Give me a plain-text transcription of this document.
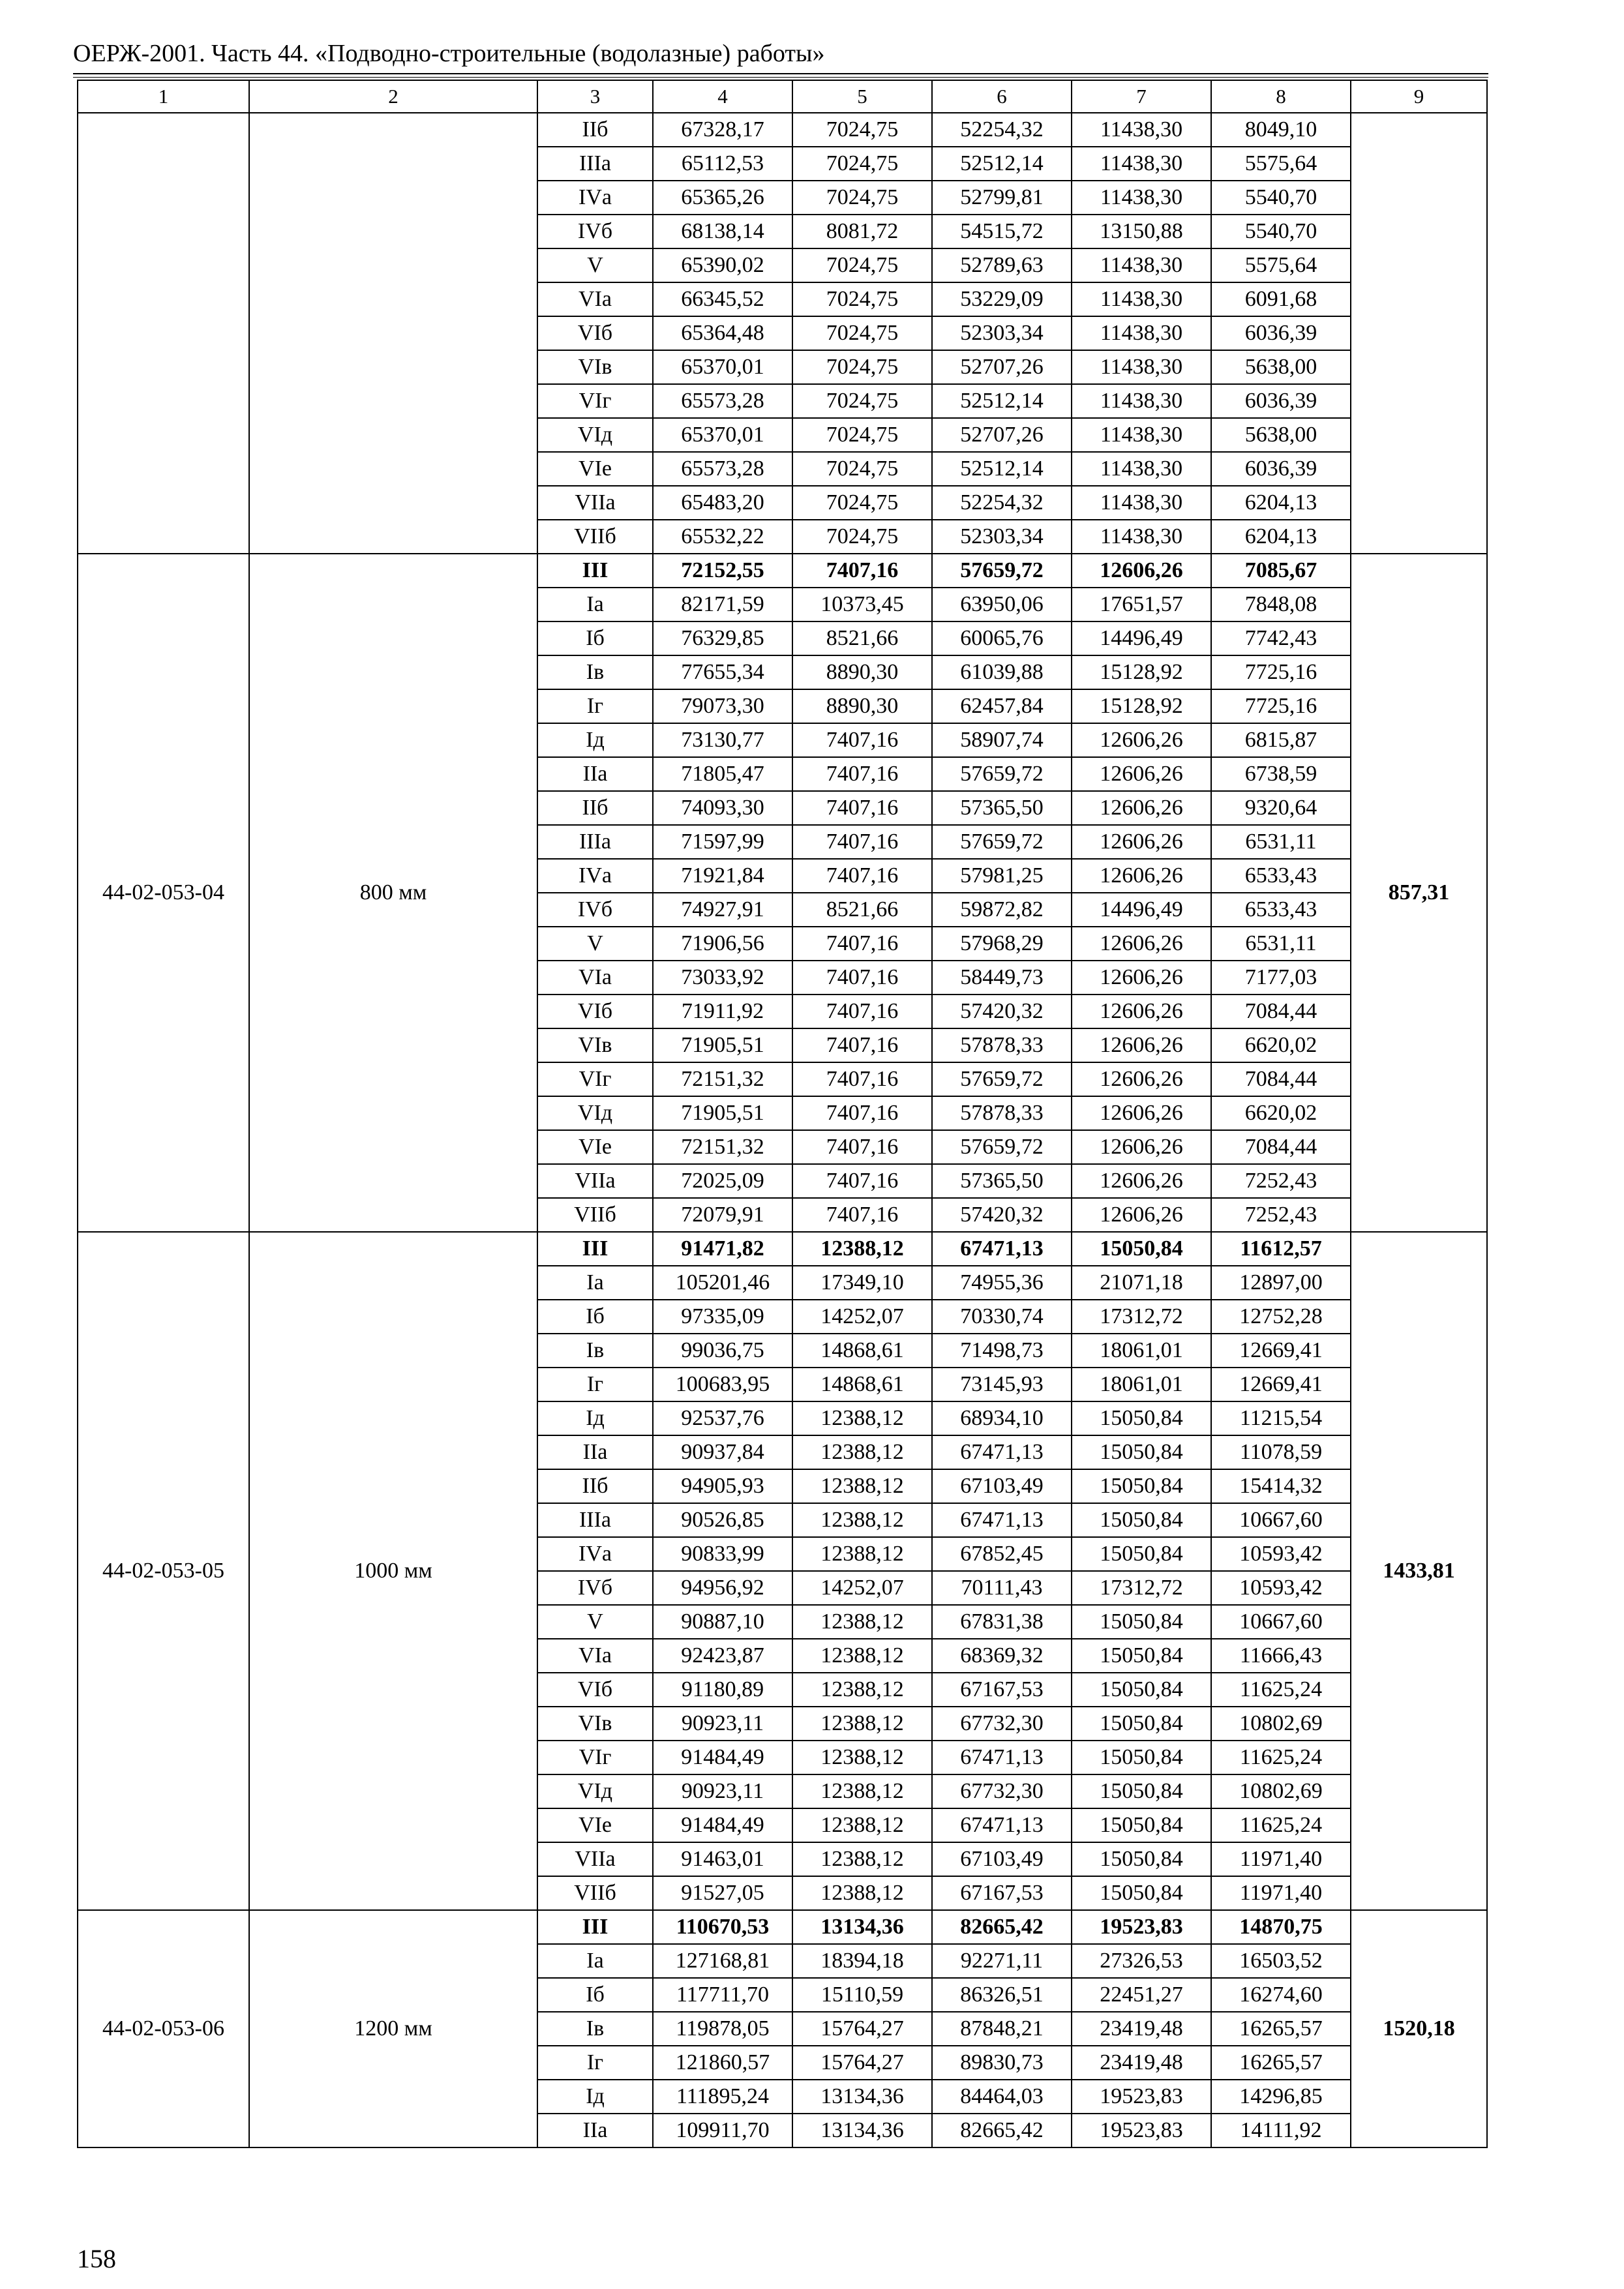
ОЕРЖ-2001. Часть 44. «Подводно-строительные (водолазные) работы»
1	2	3	4	5	6	7	8	9
		IIб	67328,17	7024,75	52254,32	11438,30	8049,10	
		IIIа	65112,53	7024,75	52512,14	11438,30	5575,64	
		IVа	65365,26	7024,75	52799,81	11438,30	5540,70	
		IVб	68138,14	8081,72	54515,72	13150,88	5540,70	
		V	65390,02	7024,75	52789,63	11438,30	5575,64	
		VIа	66345,52	7024,75	53229,09	11438,30	6091,68	
		VIб	65364,48	7024,75	52303,34	11438,30	6036,39	
		VIв	65370,01	7024,75	52707,26	11438,30	5638,00	
		VIг	65573,28	7024,75	52512,14	11438,30	6036,39	
		VIд	65370,01	7024,75	52707,26	11438,30	5638,00	
		VIе	65573,28	7024,75	52512,14	11438,30	6036,39	
		VIIа	65483,20	7024,75	52254,32	11438,30	6204,13	
		VIIб	65532,22	7024,75	52303,34	11438,30	6204,13	
44-02-053-04	800 мм	III	72152,55	7407,16	57659,72	12606,26	7085,67	857,31
		Iа	82171,59	10373,45	63950,06	17651,57	7848,08	
		Iб	76329,85	8521,66	60065,76	14496,49	7742,43	
		Iв	77655,34	8890,30	61039,88	15128,92	7725,16	
		Iг	79073,30	8890,30	62457,84	15128,92	7725,16	
		Iд	73130,77	7407,16	58907,74	12606,26	6815,87	
		IIа	71805,47	7407,16	57659,72	12606,26	6738,59	
		IIб	74093,30	7407,16	57365,50	12606,26	9320,64	
		IIIа	71597,99	7407,16	57659,72	12606,26	6531,11	
		IVа	71921,84	7407,16	57981,25	12606,26	6533,43	
		IVб	74927,91	8521,66	59872,82	14496,49	6533,43	
		V	71906,56	7407,16	57968,29	12606,26	6531,11	
		VIа	73033,92	7407,16	58449,73	12606,26	7177,03	
		VIб	71911,92	7407,16	57420,32	12606,26	7084,44	
		VIв	71905,51	7407,16	57878,33	12606,26	6620,02	
		VIг	72151,32	7407,16	57659,72	12606,26	7084,44	
		VIд	71905,51	7407,16	57878,33	12606,26	6620,02	
		VIе	72151,32	7407,16	57659,72	12606,26	7084,44	
		VIIа	72025,09	7407,16	57365,50	12606,26	7252,43	
		VIIб	72079,91	7407,16	57420,32	12606,26	7252,43	
44-02-053-05	1000 мм	III	91471,82	12388,12	67471,13	15050,84	11612,57	1433,81
		Iа	105201,46	17349,10	74955,36	21071,18	12897,00	
		Iб	97335,09	14252,07	70330,74	17312,72	12752,28	
		Iв	99036,75	14868,61	71498,73	18061,01	12669,41	
		Iг	100683,95	14868,61	73145,93	18061,01	12669,41	
		Iд	92537,76	12388,12	68934,10	15050,84	11215,54	
		IIа	90937,84	12388,12	67471,13	15050,84	11078,59	
		IIб	94905,93	12388,12	67103,49	15050,84	15414,32	
		IIIа	90526,85	12388,12	67471,13	15050,84	10667,60	
		IVа	90833,99	12388,12	67852,45	15050,84	10593,42	
		IVб	94956,92	14252,07	70111,43	17312,72	10593,42	
		V	90887,10	12388,12	67831,38	15050,84	10667,60	
		VIа	92423,87	12388,12	68369,32	15050,84	11666,43	
		VIб	91180,89	12388,12	67167,53	15050,84	11625,24	
		VIв	90923,11	12388,12	67732,30	15050,84	10802,69	
		VIг	91484,49	12388,12	67471,13	15050,84	11625,24	
		VIд	90923,11	12388,12	67732,30	15050,84	10802,69	
		VIе	91484,49	12388,12	67471,13	15050,84	11625,24	
		VIIа	91463,01	12388,12	67103,49	15050,84	11971,40	
		VIIб	91527,05	12388,12	67167,53	15050,84	11971,40	
44-02-053-06	1200 мм	III	110670,53	13134,36	82665,42	19523,83	14870,75	1520,18
		Iа	127168,81	18394,18	92271,11	27326,53	16503,52	
		Iб	117711,70	15110,59	86326,51	22451,27	16274,60	
		Iв	119878,05	15764,27	87848,21	23419,48	16265,57	
		Iг	121860,57	15764,27	89830,73	23419,48	16265,57	
		Iд	111895,24	13134,36	84464,03	19523,83	14296,85	
		IIа	109911,70	13134,36	82665,42	19523,83	14111,92	
158
